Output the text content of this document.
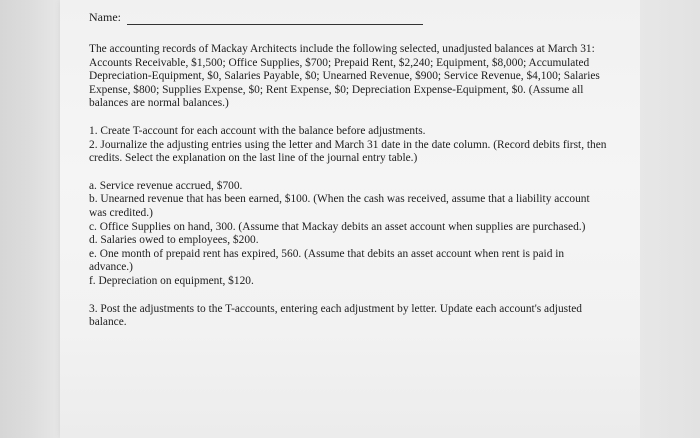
Name:

The accounting records of Mackay Architects include the following selected, unadjusted balances at March 31: Accounts Receivable, $1,500; Office Supplies, $700; Prepaid Rent, $2,240; Equipment, $8,000; Accumulated Depreciation-Equipment, $0, Salaries Payable, $0; Unearned Revenue, $900; Service Revenue, $4,100; Salaries Expense, $800; Supplies Expense, $0; Rent Expense, $0; Depreciation Expense-Equipment, $0. (Assume all balances are normal balances.)

1. Create T-account for each account with the balance before adjustments.
2. Journalize the adjusting entries using the letter and March 31 date in the date column. (Record debits first, then credits. Select the explanation on the last line of the journal entry table.)
a. Service revenue accrued, $700.
b. Unearned revenue that has been earned, $100. (When the cash was received, assume that a liability account was credited.)
c. Office Supplies on hand, 300. (Assume that Mackay debits an asset account when supplies are purchased.)
d. Salaries owed to employees, $200.
e. One month of prepaid rent has expired, 560. (Assume that debits an asset account when rent is paid in advance.)
f. Depreciation on equipment, $120.

3. Post the adjustments to the T-accounts, entering each adjustment by letter. Update each account's adjusted balance.
